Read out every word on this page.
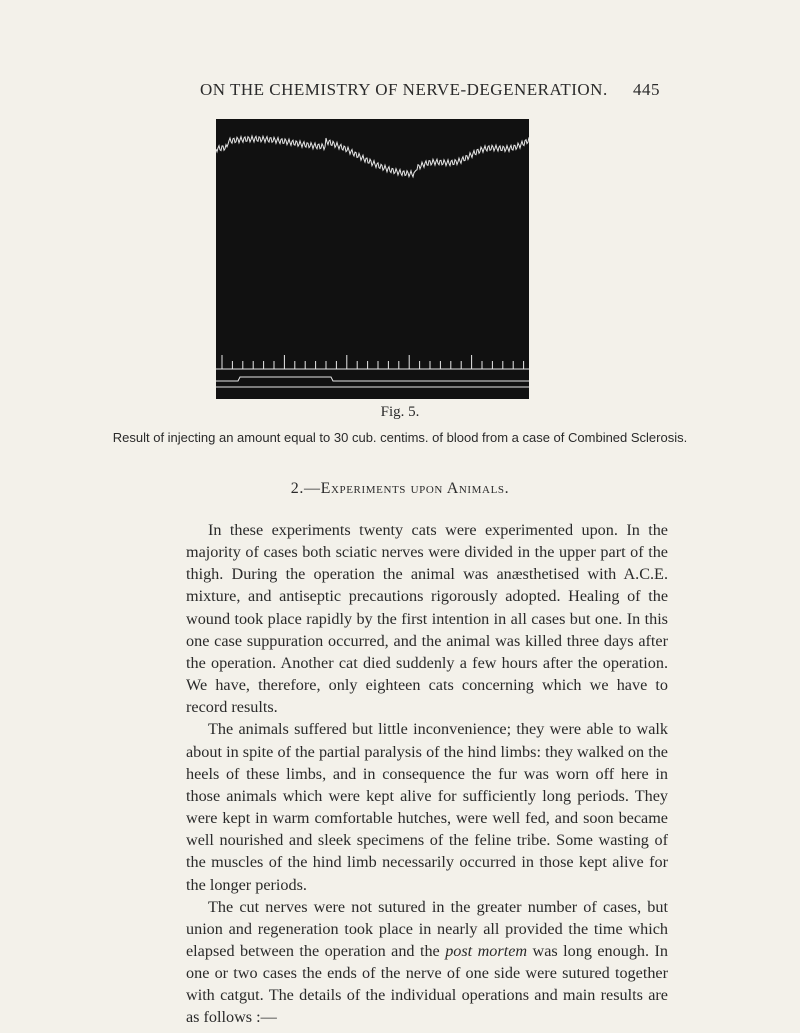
ON THE CHEMISTRY OF NERVE-DEGENERATION. 445
Fig. 5.
Result of injecting an amount equal to 30 cub. centims. of blood from a case of Combined Sclerosis.
2.—Experiments upon Animals.

In these experiments twenty cats were experimented upon. In the majority of cases both sciatic nerves were divided in the upper part of the thigh. During the operation the animal was anæsthetised with A.C.E. mixture, and antiseptic precautions rigorously adopted. Healing of the wound took place rapidly by the first intention in all cases but one. In this one case suppuration occurred, and the animal was killed three days after the operation. Another cat died suddenly a few hours after the operation. We have, therefore, only eighteen cats concerning which we have to record results.

The animals suffered but little inconvenience; they were able to walk about in spite of the partial paralysis of the hind limbs: they walked on the heels of these limbs, and in consequence the fur was worn off here in those animals which were kept alive for sufficiently long periods. They were kept in warm comfortable hutches, were well fed, and soon became well nourished and sleek specimens of the feline tribe. Some wasting of the muscles of the hind limb necessarily occurred in those kept alive for the longer periods.

The cut nerves were not sutured in the greater number of cases, but union and regeneration took place in nearly all provided the time which elapsed between the operation and the post mortem was long enough. In one or two cases the ends of the nerve of one side were sutured together with catgut. The details of the individual operations and main results are as follows :—
